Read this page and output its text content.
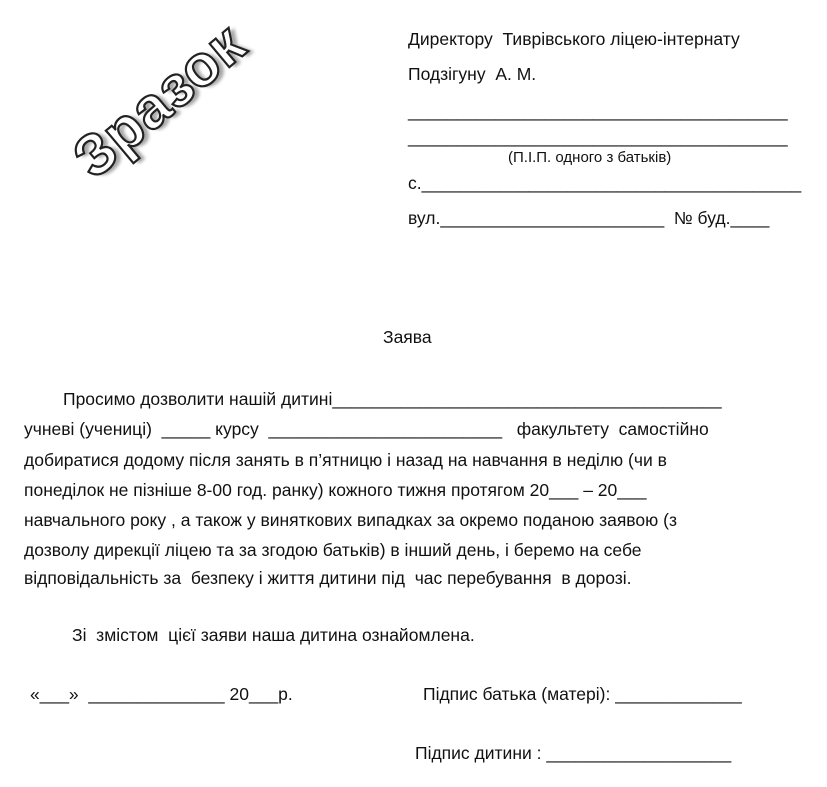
Зразок	Директору  Тиврівського ліцею-інтернату
Подзігуну  А. М.
_______________________________________
_______________________________________
(П.І.П. одного з батьків)
с._______________________________________
вул._______________________  № буд.____
Заява
Просимо дозволити нашій дитині________________________________________
учневі (учениці)  _____ курсу  ________________________   факультету  самостійно
добиратися додому після занять в п’ятницю і назад на навчання в неділю (чи в
понеділок не пізніше 8-00 год. ранку) кожного тижня протягом 20___ – 20___
навчального року , а також у виняткових випадках за окремо поданою заявою (з
дозволу дирекції ліцею та за згодою батьків) в інший день, і беремо на себе
відповідальність за  безпеку і життя дитини під  час перебування  в дорозі.
Зі  змістом  цієї заяви наша дитина ознайомлена.
«___»  ______________ 20___р.	Підпис батька (матері): _____________
Підпис дитини : ___________________
